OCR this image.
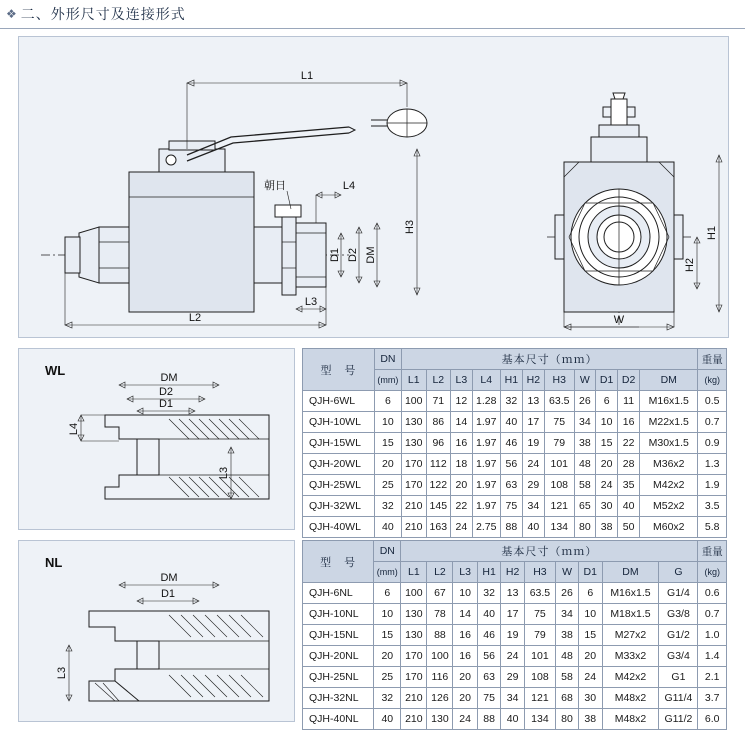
❖ 二、外形尺寸及连接形式
L1
L2
L3
L4
朝日
H3
D1 D2 DM
W
H1
H2
WL	DM
D2
D1
L4
L3
NL
DM
D1
L3
型　号	DN	基本尺寸（ｍｍ）											重量
	(mm)	L1	L2	L3	L4	H1	H2	H3	W	D1	D2	DM	(kg)
QJH-6WL	6	100	71	12	1.28	32	13	63.5	26	6	11	M16x1.5	0.5
QJH-10WL	10	130	86	14	1.97	40	17	75	34	10	16	M22x1.5	0.7
QJH-15WL	15	130	96	16	1.97	46	19	79	38	15	22	M30x1.5	0.9
QJH-20WL	20	170	112	18	1.97	56	24	101	48	20	28	M36x2	1.3
QJH-25WL	25	170	122	20	1.97	63	29	108	58	24	35	M42x2	1.9
QJH-32WL	32	210	145	22	1.97	75	34	121	65	30	40	M52x2	3.5
QJH-40WL	40	210	163	24	2.75	88	40	134	80	38	50	M60x2	5.8
型　号	DN	基本尺寸（ｍｍ）										重量
	(mm)	L1	L2	L3	H1	H2	H3	W	D1	DM	G	(kg)
QJH-6NL	6	100	67	10	32	13	63.5	26	6	M16x1.5	G1/4	0.6
QJH-10NL	10	130	78	14	40	17	75	34	10	M18x1.5	G3/8	0.7
QJH-15NL	15	130	88	16	46	19	79	38	15	M27x2	G1/2	1.0
QJH-20NL	20	170	100	16	56	24	101	48	20	M33x2	G3/4	1.4
QJH-25NL	25	170	116	20	63	29	108	58	24	M42x2	G1	2.1
QJH-32NL	32	210	126	20	75	34	121	68	30	M48x2	G11/4	3.7
QJH-40NL	40	210	130	24	88	40	134	80	38	M48x2	G11/2	6.0
